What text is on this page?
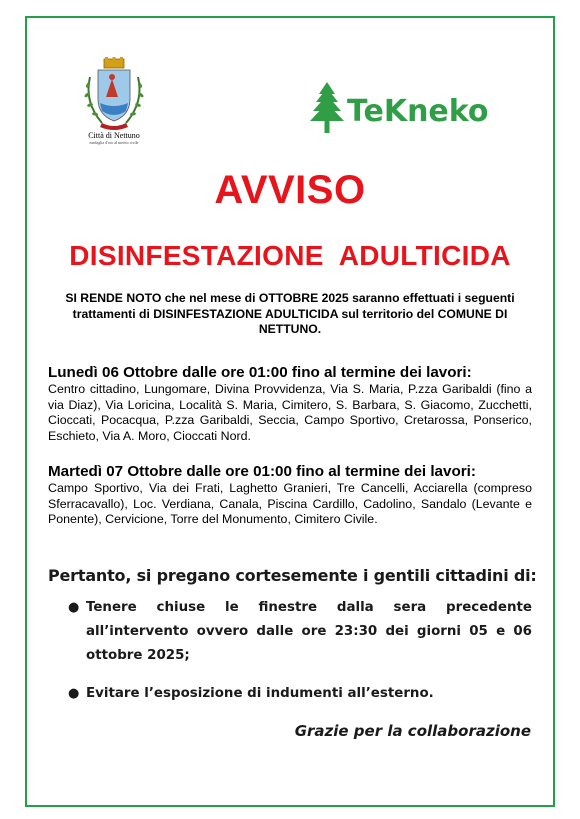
Città di Nettuno
medaglia d'oro al merito civile
TeKneko
AVVISO
DISINFESTAZIONE ADULTICIDA
SI RENDE NOTO che nel mese di OTTOBRE 2025 saranno effettuati i seguenti trattamenti di DISINFESTAZIONE ADULTICIDA sul territorio del COMUNE DI NETTUNO.
Lunedì 06 Ottobre dalle ore 01:00 fino al termine dei lavori:
Centro cittadino, Lungomare, Divina Provvidenza, Via S. Maria, P.zza Garibaldi (fino a via Diaz), Via Loricina, Località S. Maria, Cimitero, S. Barbara, S. Giacomo, Zucchetti, Cioccati, Pocacqua, P.zza Garibaldi, Seccia, Campo Sportivo, Cretarossa, Ponserico, Eschieto, Via A. Moro, Cioccati Nord.
Martedì 07 Ottobre dalle ore 01:00 fino al termine dei lavori:
Campo Sportivo, Via dei Frati, Laghetto Granieri, Tre Cancelli, Acciarella (compreso Sferracavallo), Loc. Verdiana, Canala, Piscina Cardillo, Cadolino, Sandalo (Levante e Ponente), Cervicione, Torre del Monumento, Cimitero Civile.
Pertanto, si pregano cortesemente i gentili cittadini di:
● Tenere chiuse le finestre dalla sera precedente all’intervento ovvero dalle ore 23:30 dei giorni 05 e 06 ottobre 2025;
● Evitare l’esposizione di indumenti all’esterno.
Grazie per la collaborazione
